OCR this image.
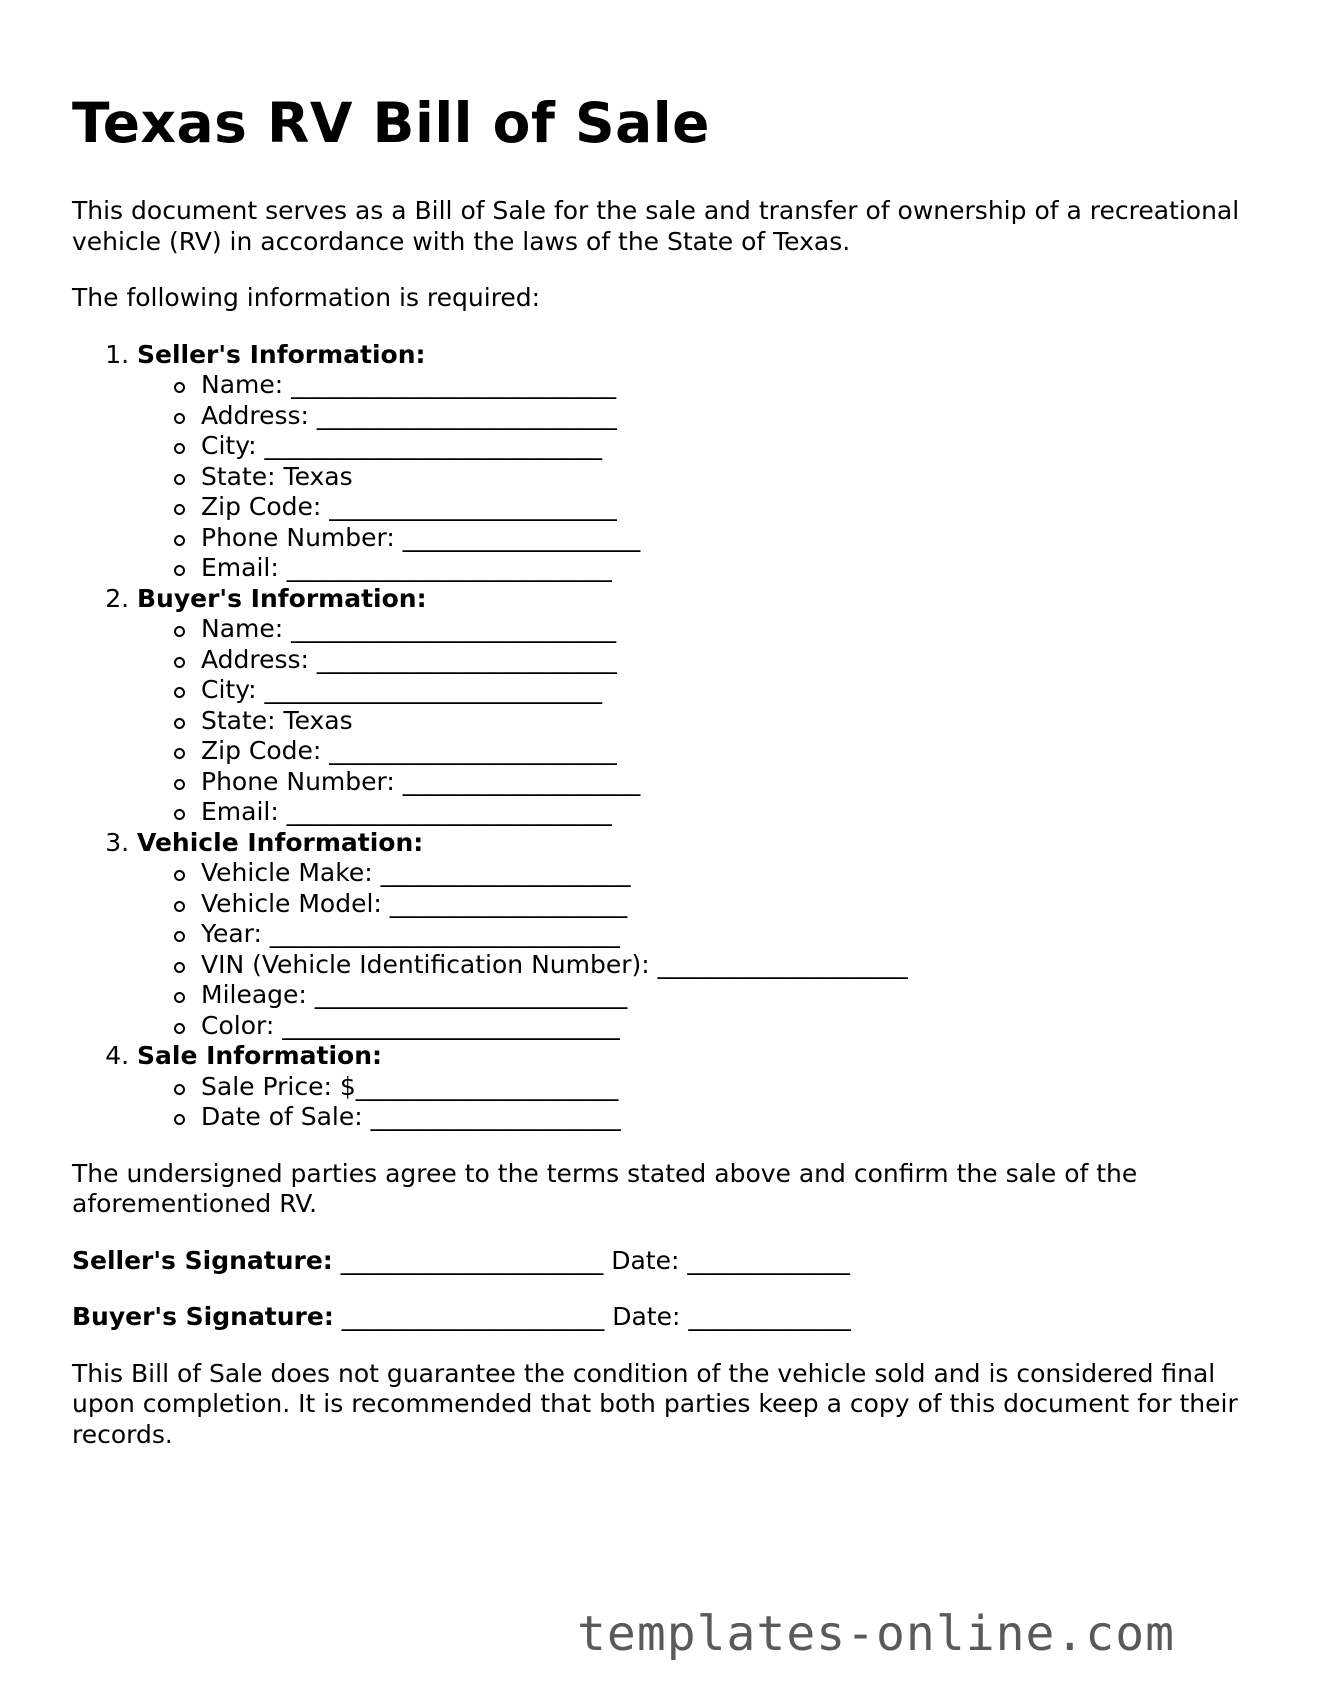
Texas RV Bill of Sale

This document serves as a Bill of Sale for the sale and transfer of ownership of a recreational vehicle (RV) in accordance with the laws of the State of Texas.

The following information is required:

1. Seller's Information:
Name: __________________________
Address: ________________________
City: ___________________________
State: Texas
Zip Code: _______________________
Phone Number: ___________________
Email: __________________________
2. Buyer's Information:
Name: __________________________
Address: ________________________
City: ___________________________
State: Texas
Zip Code: _______________________
Phone Number: ___________________
Email: __________________________
3. Vehicle Information:
Vehicle Make: ____________________
Vehicle Model: ___________________
Year: ____________________________
VIN (Vehicle Identification Number): ____________________
Mileage: _________________________
Color: ___________________________
4. Sale Information:
Sale Price: $_____________________
Date of Sale: ____________________

The undersigned parties agree to the terms stated above and confirm the sale of the aforementioned RV.

Seller's Signature: _____________________ Date: _____________
Buyer's Signature: _____________________ Date: _____________

This Bill of Sale does not guarantee the condition of the vehicle sold and is considered final upon completion. It is recommended that both parties keep a copy of this document for their records.

templates-online.com
